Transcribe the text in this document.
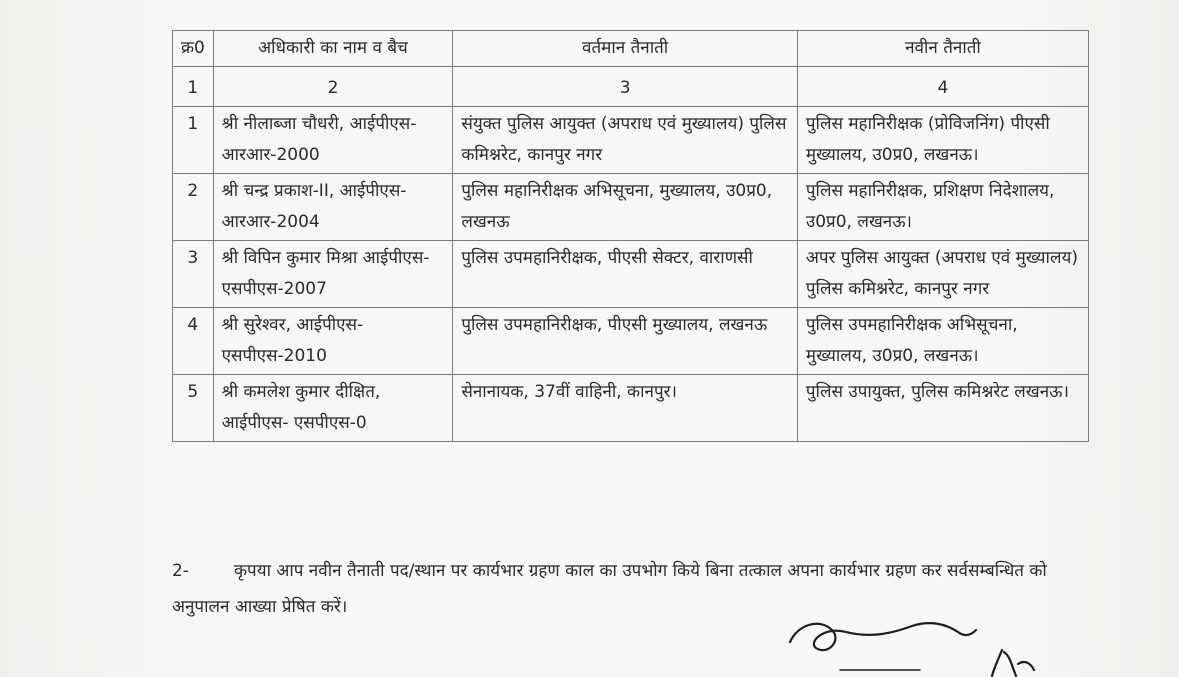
क्र0	अधिकारी का नाम व बैच	वर्तमान तैनाती	नवीन तैनाती
1	2	3	4
1	श्री नीलाब्जा चौधरी, आईपीएस-आरआर-2000	संयुक्त पुलिस आयुक्त (अपराध एवं मुख्यालय) पुलिस कमिश्नरेट, कानपुर नगर	पुलिस महानिरीक्षक (प्रोविजनिंग) पीएसी मुख्यालय, उ0प्र0, लखनऊ।
2	श्री चन्द्र प्रकाश-II, आईपीएस- आरआर-2004	पुलिस महानिरीक्षक अभिसूचना, मुख्यालय, उ0प्र0, लखनऊ	पुलिस महानिरीक्षक, प्रशिक्षण निदेशालय, उ0प्र0, लखनऊ।
3	श्री विपिन कुमार मिश्रा आईपीएस-एसपीएस-2007	पुलिस उपमहानिरीक्षक, पीएसी सेक्टर, वाराणसी	अपर पुलिस आयुक्त (अपराध एवं मुख्यालय) पुलिस कमिश्नरेट, कानपुर नगर
4	श्री सुरेश्वर, आईपीएस-एसपीएस-2010	पुलिस उपमहानिरीक्षक, पीएसी मुख्यालय, लखनऊ	पुलिस उपमहानिरीक्षक अभिसूचना, मुख्यालय, उ0प्र0, लखनऊ।
5	श्री कमलेश कुमार दीक्षित, आईपीएस- एसपीएस-0	सेनानायक, 37वीं वाहिनी, कानपुर।	पुलिस उपायुक्त, पुलिस कमिश्नरेट लखनऊ।
2-	कृपया आप नवीन तैनाती पद/स्थान पर कार्यभार ग्रहण काल का उपभोग किये बिना तत्काल अपना कार्यभार ग्रहण कर सर्वसम्बन्धित को अनुपालन आख्या प्रेषित करें।
